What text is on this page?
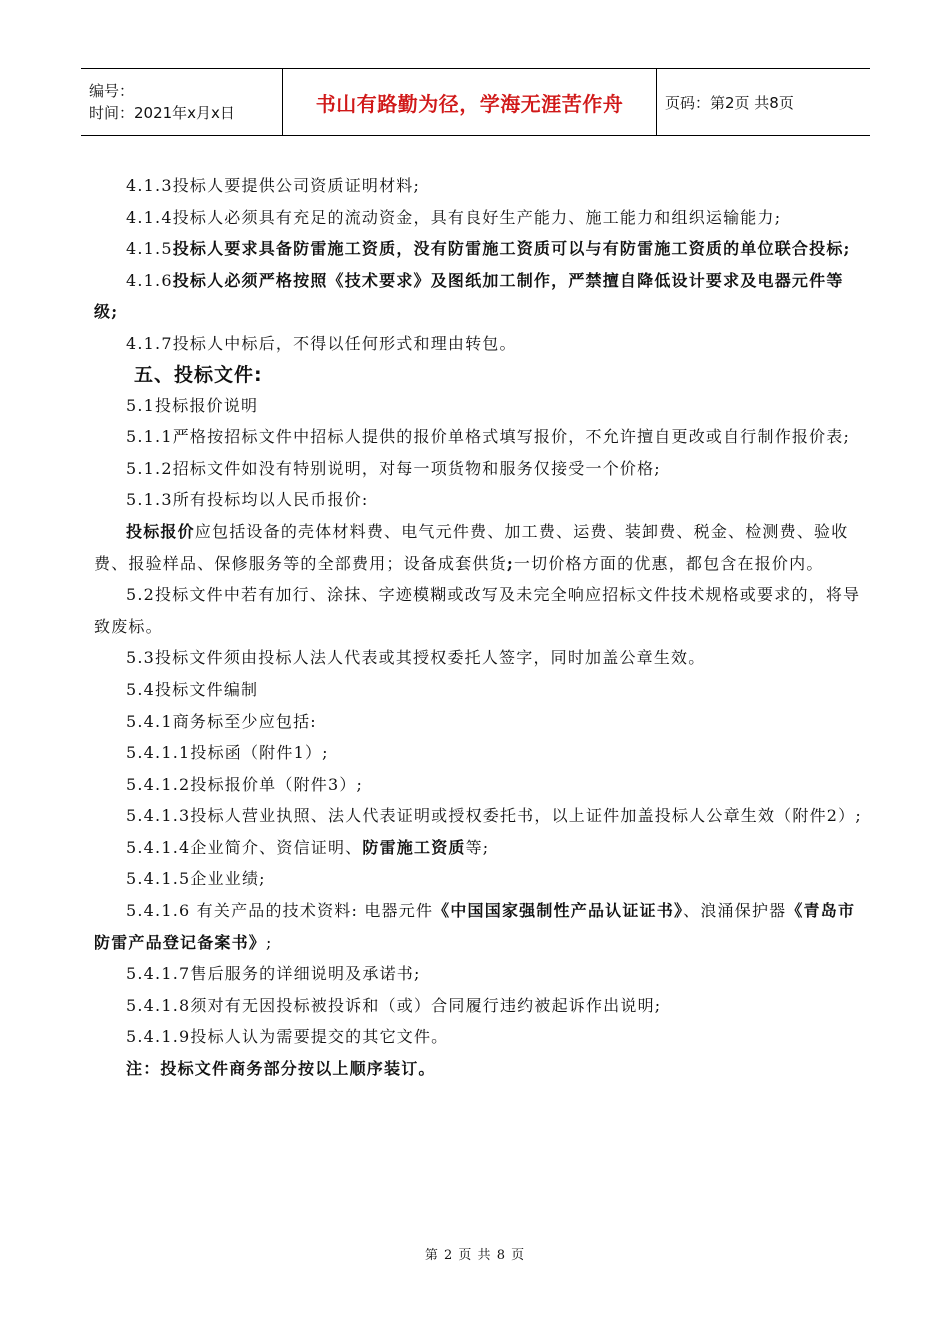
编号：
时间：2021年x月x日	书山有路勤为径，学海无涯苦作舟	页码：第2页 共8页

4.1.3投标人要提供公司资质证明材料;

4.1.4投标人必须具有充足的流动资金，具有良好生产能力、施工能力和组织运输能力;

4.1.5投标人要求具备防雷施工资质，没有防雷施工资质可以与有防雷施工资质的单位联合投标;

4.1.6投标人必须严格按照《技术要求》及图纸加工制作，严禁擅自降低设计要求及电器元件等级;

4.1.7投标人中标后，不得以任何形式和理由转包。

五、投标文件:

5.1投标报价说明

5.1.1严格按招标文件中招标人提供的报价单格式填写报价，不允许擅自更改或自行制作报价表;

5.1.2招标文件如没有特别说明，对每一项货物和服务仅接受一个价格;

5.1.3所有投标均以人民币报价:

投标报价应包括设备的壳体材料费、电气元件费、加工费、运费、装卸费、税金、检测费、验收费、报验样品、保修服务等的全部费用；设备成套供货;一切价格方面的优惠，都包含在报价内。

5.2投标文件中若有加行、涂抹、字迹模糊或改写及未完全响应招标文件技术规格或要求的，将导致废标。

5.3投标文件须由投标人法人代表或其授权委托人签字，同时加盖公章生效。

5.4投标文件编制

5.4.1商务标至少应包括:

5.4.1.1投标函（附件1）;

5.4.1.2投标报价单（附件3）;

5.4.1.3投标人营业执照、法人代表证明或授权委托书，以上证件加盖投标人公章生效（附件2）;

5.4.1.4企业简介、资信证明、防雷施工资质等;

5.4.1.5企业业绩;

5.4.1.6 有关产品的技术资料: 电器元件《中国国家强制性产品认证证书》、浪涌保护器《青岛市防雷产品登记备案书》;

5.4.1.7售后服务的详细说明及承诺书;

5.4.1.8须对有无因投标被投诉和（或）合同履行违约被起诉作出说明;

5.4.1.9投标人认为需要提交的其它文件。

注：投标文件商务部分按以上顺序装订。

第 2 页 共 8 页
